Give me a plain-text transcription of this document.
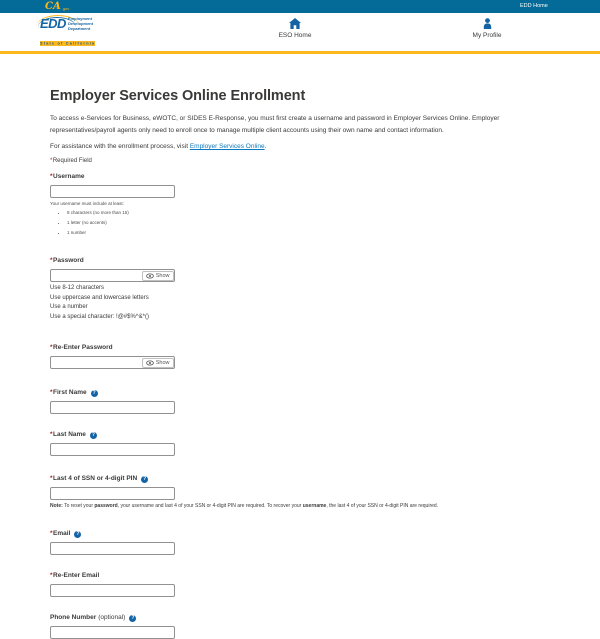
CA .gov	EDD Home
EDD Employment
Development
Department
State of California
ESO Home	My Profile
Employer Services Online Enrollment

To access e-Services for Business, eWOTC, or SIDES E-Response, you must first create a username and password in Employer Services Online. Employer representatives/payroll agents only need to enroll once to manage multiple client accounts using their own name and contact information.

For assistance with the enrollment process, visit Employer Services Online.

*Required Field

* Username
Your username must include at least:
• 8 characters (no more than 15)
• 1 letter (no accents)
• 1 number
* Password
Show
Use 8-12 characters
Use uppercase and lowercase letters
Use a number
Use a special character: !@#$%^&*()
* Re-Enter Password
Show
* First Name	?
* Last Name	?
* Last 4 of SSN or 4-digit PIN	?

Note: To reset your password, your username and last 4 of your SSN or 4-digit PIN are required. To recover your username, the last 4 of your SSN or 4-digit PIN are required.

* Email	?
* Re-Enter Email
Phone Number (optional)	?
